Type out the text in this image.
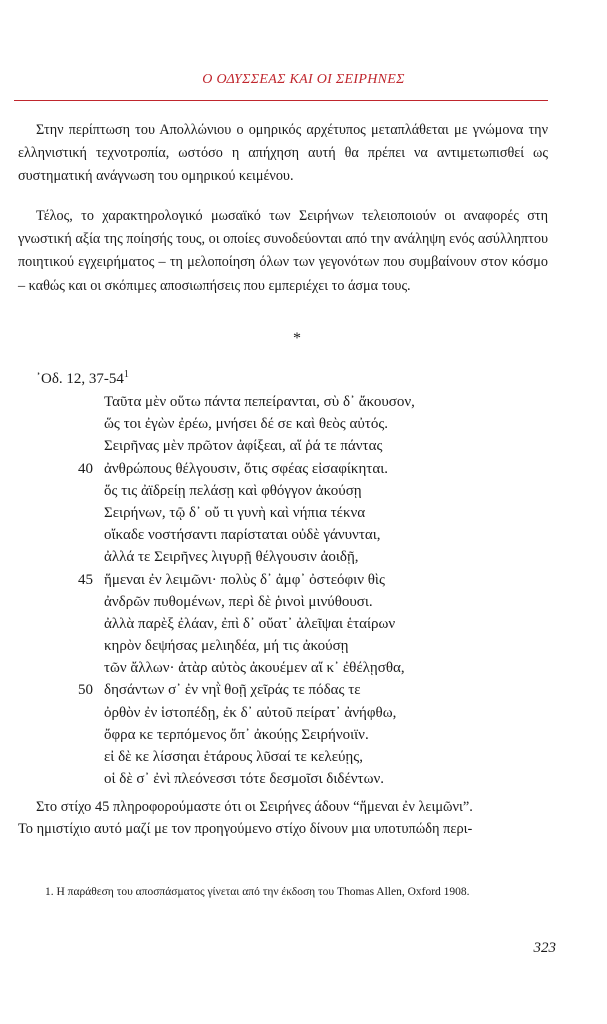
Ο ΟΔΥΣΣΕΑΣ ΚΑΙ ΟΙ ΣΕΙΡΗΝΕΣ

Στην περίπτωση του Απολλώνιου ο ομηρικός αρχέτυπος μεταπλάθεται με γνώμονα την ελληνιστική τεχνοτροπία, ωστόσο η απήχηση αυτή θα πρέπει να αντιμετωπισθεί ως συστηματική ανάγνωση του ομηρικού κειμένου.

Τέλος, το χαρακτηρολογικό μωσαϊκό των Σειρήνων τελειοποιούν οι αναφορές στη γνωστική αξία της ποίησής τους, οι οποίες συνοδεύονται από την ανάληψη ενός ασύλληπτου ποιητικού εγχειρήματος – τη μελοποίηση όλων των γεγονότων που συμβαίνουν στον κόσμο – καθώς και οι σκόπιμες αποσιωπήσεις που εμπεριέχει το άσμα τους.

*
᾿Οδ. 12, $37-54^1$
Ταῦτα μὲν οὕτω πάντα πεπείρανται, σὺ δ᾽ ἄκουσον,
ὥς τοι ἐγὼν ἐρέω, μνήσει δέ σε καὶ θεὸς αὐτός.
Σειρῆνας μὲν πρῶτον ἀφίξεαι, αἵ ῥά τε πάντας
40 ἀνθρώπους θέλγουσιν, ὅτις σφέας εἰσαφίκηται.
ὅς τις ἀϊδρείῃ πελάσῃ καὶ φθόγγον ἀκούσῃ
Σειρήνων, τῷ δ᾽ οὔ τι γυνὴ καὶ νήπια τέκνα
οἴκαδε νοστήσαντι παρίσταται οὐδὲ γάνυνται,
ἀλλά τε Σειρῆνες λιγυρῇ θέλγουσιν ἀοιδῇ,
45 ἥμεναι ἐν λειμῶνι· πολὺς δ᾽ ἀμφ᾽ ὀστεόφιν θὶς
ἀνδρῶν πυθομένων, περὶ δὲ ῥινοὶ μινύθουσι.
ἀλλὰ παρὲξ ἐλάαν, ἐπὶ δ᾽ οὔατ᾽ ἀλεῖψαι ἑταίρων
κηρὸν δεψήσας μελιηδέα, μή τις ἀκούσῃ
τῶν ἄλλων· ἀτὰρ αὐτὸς ἀκουέμεν αἴ κ᾽ ἐθέλῃσθα,
50 δησάντων σ᾽ ἐν νηῒ θοῇ χεῖράς τε πόδας τε
ὀρθὸν ἐν ἱστοπέδῃ, ἐκ δ᾽ αὐτοῦ πείρατ᾽ ἀνήφθω,
ὄφρα κε τερπόμενος ὄπ᾽ ἀκούῃς Σειρήνοιϊν.
εἰ δὲ κε λίσσηαι ἑτάρους λῦσαί τε κελεύῃς,
οἱ δὲ σ᾽ ἐνὶ πλεόνεσσι τότε δεσμοῖσι διδέντων.

Στο στίχο 45 πληροφορούμαστε ότι οι Σειρήνες άδουν “ἥμεναι ἐν λειμῶνι”.

Το ημιστίχιο αυτό μαζί με τον προηγούμενο στίχο δίνουν μια υποτυπώδη περι-

1. Η παράθεση του αποσπάσματος γίνεται από την έκδοση του Thomas Allen, Oxford 1908.
323
